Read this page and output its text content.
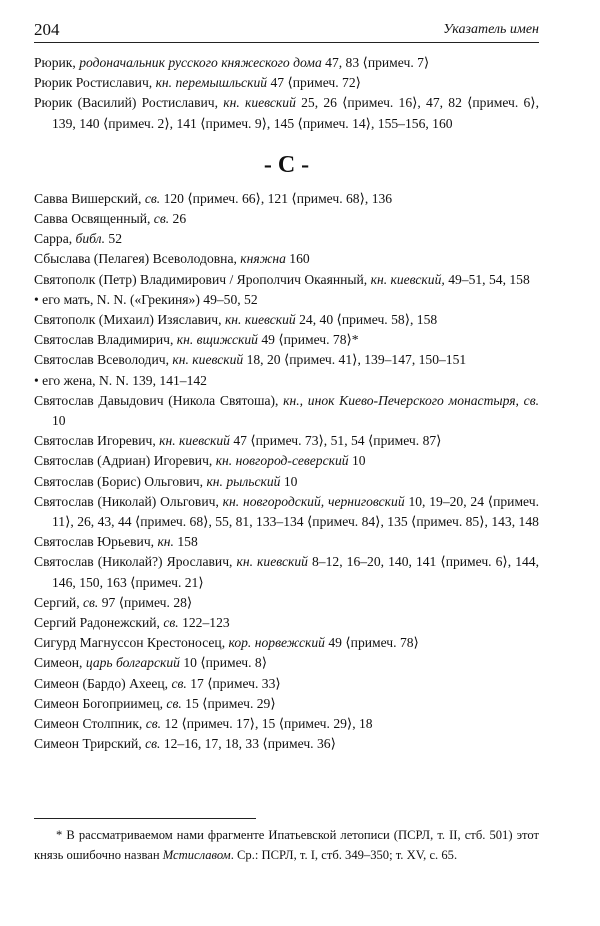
204	Указатель имен
Рюрик, родоначальник русского княжеского дома 47, 83 ⟨примеч. 7⟩
Рюрик Ростиславич, кн. перемышльский 47 ⟨примеч. 72⟩
Рюрик (Василий) Ростиславич, кн. киевский 25, 26 ⟨примеч. 16⟩, 47, 82 ⟨примеч. 6⟩, 139, 140 ⟨примеч. 2⟩, 141 ⟨примеч. 9⟩, 145 ⟨примеч. 14⟩, 155–156, 160
- С -
Савва Вишерский, св. 120 ⟨примеч. 66⟩, 121 ⟨примеч. 68⟩, 136
Савва Освященный, св. 26
Сарра, библ. 52
Сбыслава (Пелагея) Всеволодовна, княжна 160
Святополк (Петр) Владимирович / Ярополчич Окаянный, кн. киевский, 49–51, 54, 158
• его мать, N. N. («Грекиня») 49–50, 52
Святополк (Михаил) Изяславич, кн. киевский 24, 40 ⟨примеч. 58⟩, 158
Святослав Владимирич, кн. вщижский 49 ⟨примеч. 78⟩*
Святослав Всеволодич, кн. киевский 18, 20 ⟨примеч. 41⟩, 139–147, 150–151
• его жена, N. N. 139, 141–142
Святослав Давыдович (Никола Святоша), кн., инок Киево-Печерского монастыря, св. 10
Святослав Игоревич, кн. киевский 47 ⟨примеч. 73⟩, 51, 54 ⟨примеч. 87⟩
Святослав (Адриан) Игоревич, кн. новгород-северский 10
Святослав (Борис) Ольгович, кн. рыльский 10
Святослав (Николай) Ольгович, кн. новгородский, черниговский 10, 19–20, 24 ⟨примеч. 11⟩, 26, 43, 44 ⟨примеч. 68⟩, 55, 81, 133–134 ⟨примеч. 84⟩, 135 ⟨примеч. 85⟩, 143, 148
Святослав Юрьевич, кн. 158
Святослав (Николай?) Ярославич, кн. киевский 8–12, 16–20, 140, 141 ⟨примеч. 6⟩, 144, 146, 150, 163 ⟨примеч. 21⟩
Сергий, св. 97 ⟨примеч. 28⟩
Сергий Радонежский, св. 122–123
Сигурд Магнуссон Крестоносец, кор. норвежский 49 ⟨примеч. 78⟩
Симеон, царь болгарский 10 ⟨примеч. 8⟩
Симеон (Бардо) Ахеец, св. 17 ⟨примеч. 33⟩
Симеон Богоприимец, св. 15 ⟨примеч. 29⟩
Симеон Столпник, св. 12 ⟨примеч. 17⟩, 15 ⟨примеч. 29⟩, 18
Симеон Трирский, св. 12–16, 17, 18, 33 ⟨примеч. 36⟩
* В рассматриваемом нами фрагменте Ипатьевской летописи (ПСРЛ, т. II, стб. 501) этот князь ошибочно назван Мстиславом. Ср.: ПСРЛ, т. I, стб. 349–350; т. XV, с. 65.
